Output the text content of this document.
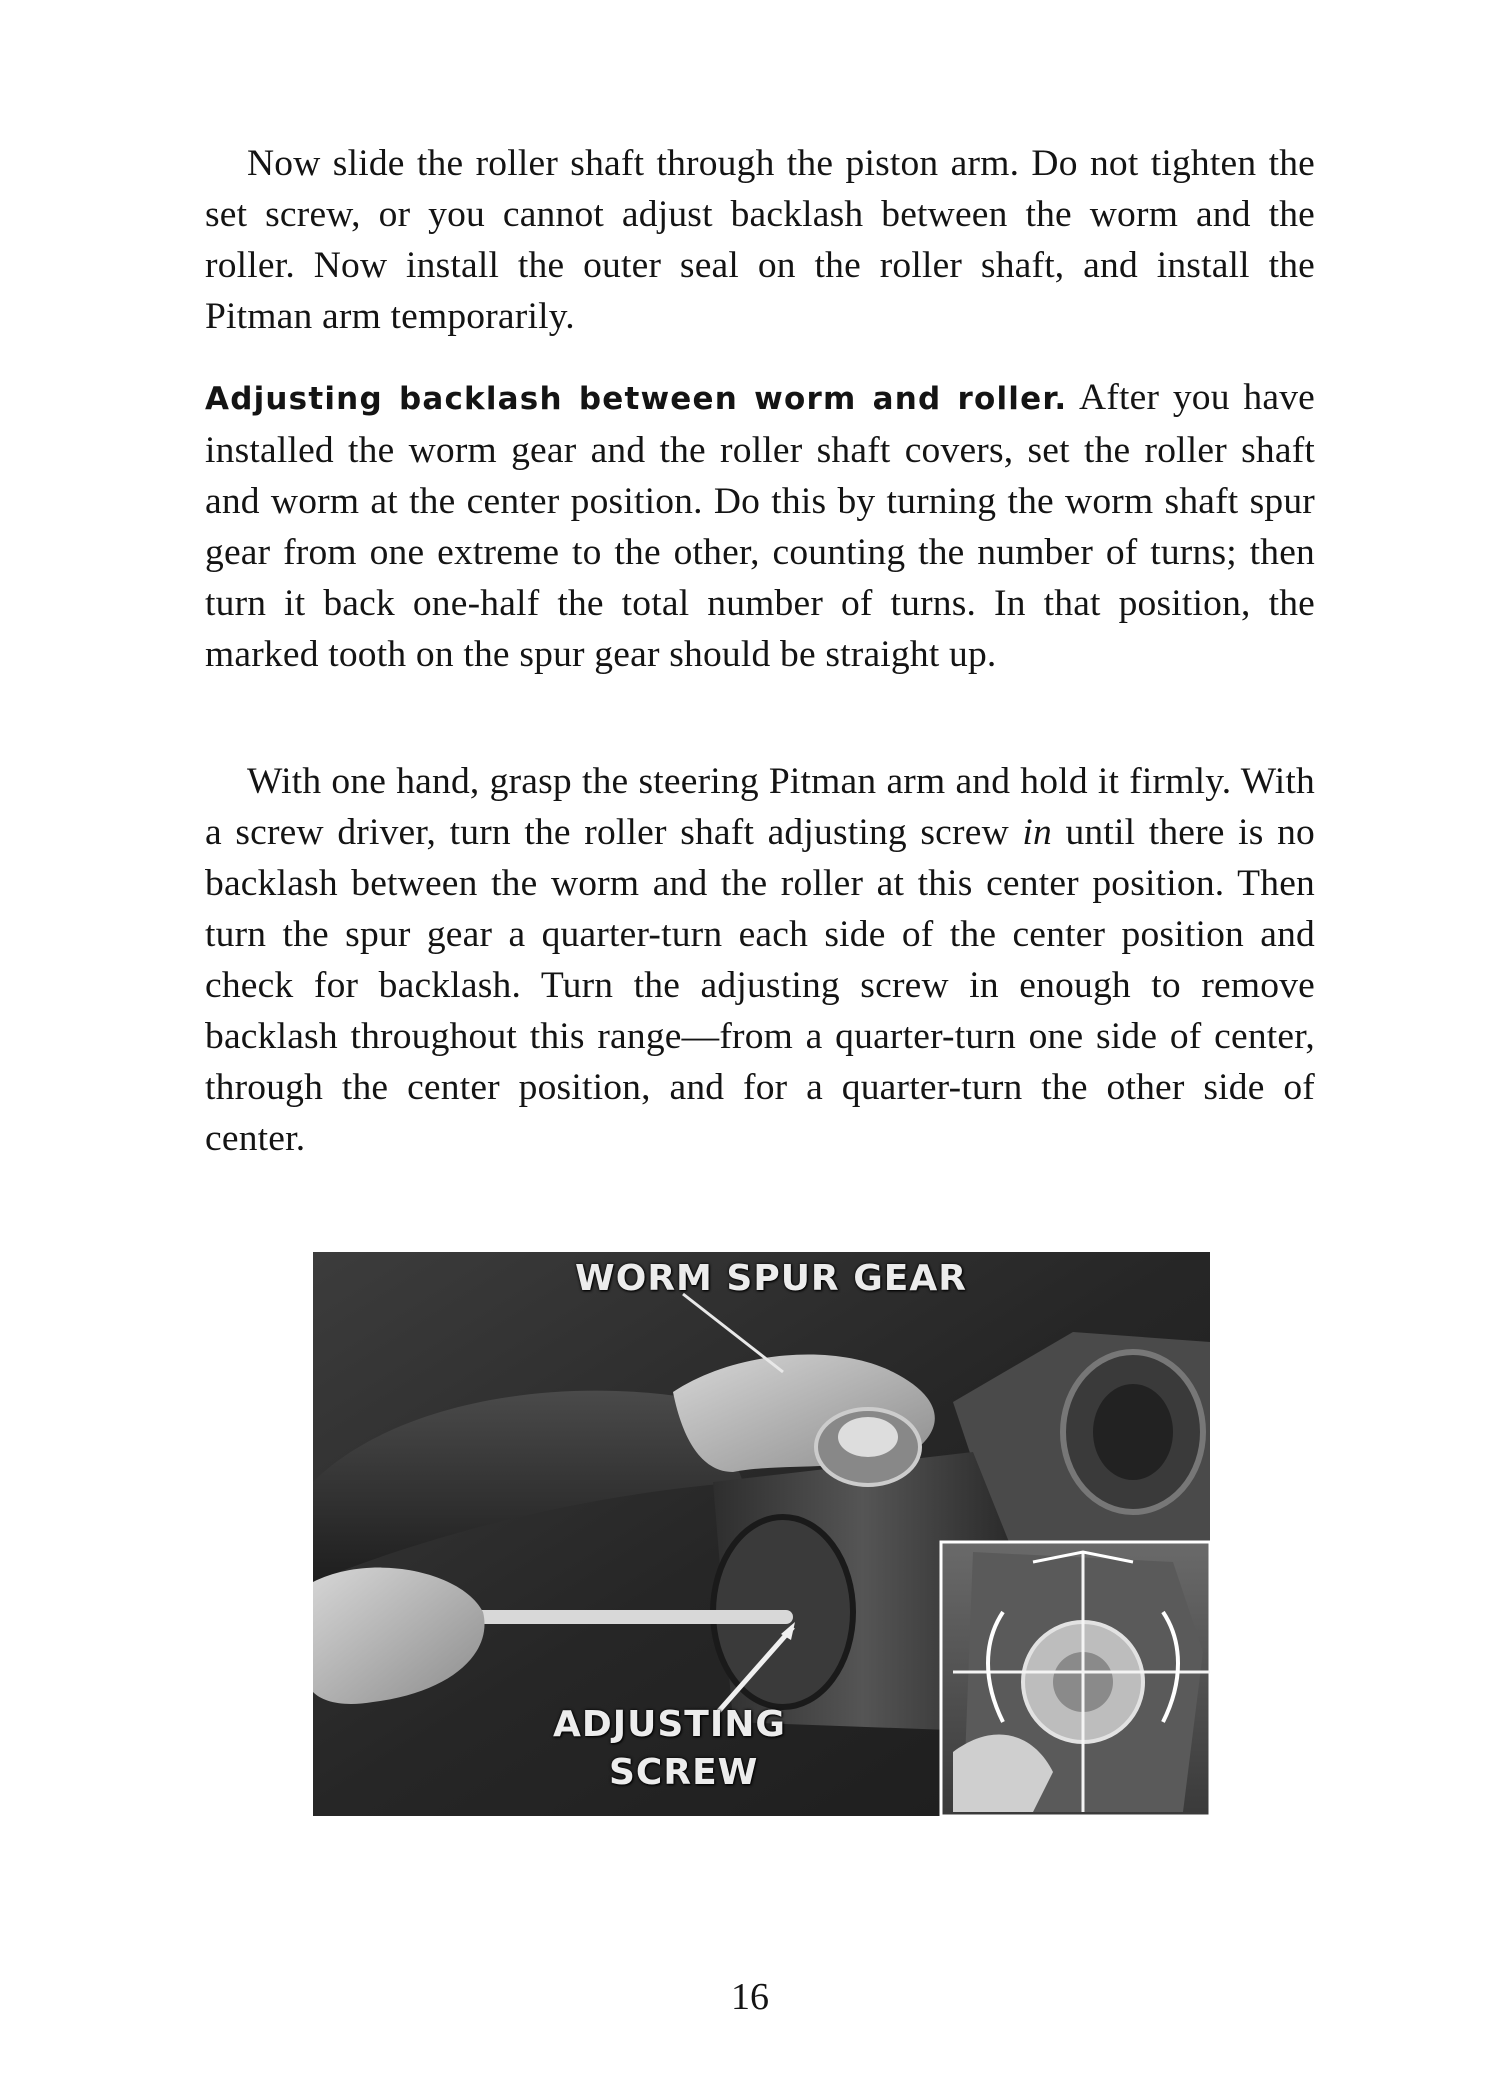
Now slide the roller shaft through the piston arm. Do not tighten the set screw, or you cannot adjust backlash between the worm and the roller. Now install the outer seal on the roller shaft, and install the Pitman arm temporarily.

Adjusting backlash between worm and roller. After you have installed the worm gear and the roller shaft covers, set the roller shaft and worm at the center position. Do this by turning the worm shaft spur gear from one extreme to the other, counting the number of turns; then turn it back one-half the total number of turns. In that position, the marked tooth on the spur gear should be straight up.

With one hand, grasp the steering Pitman arm and hold it firmly. With a screw driver, turn the roller shaft adjusting screw in until there is no backlash between the worm and the roller at this center position. Then turn the spur gear a quarter-turn each side of the center position and check for backlash. Turn the adjusting screw in enough to remove backlash throughout this range—from a quarter-turn one side of center, through the center position, and for a quarter-turn the other side of center.

WORM SPUR GEAR
ADJUSTING
SCREW
16
